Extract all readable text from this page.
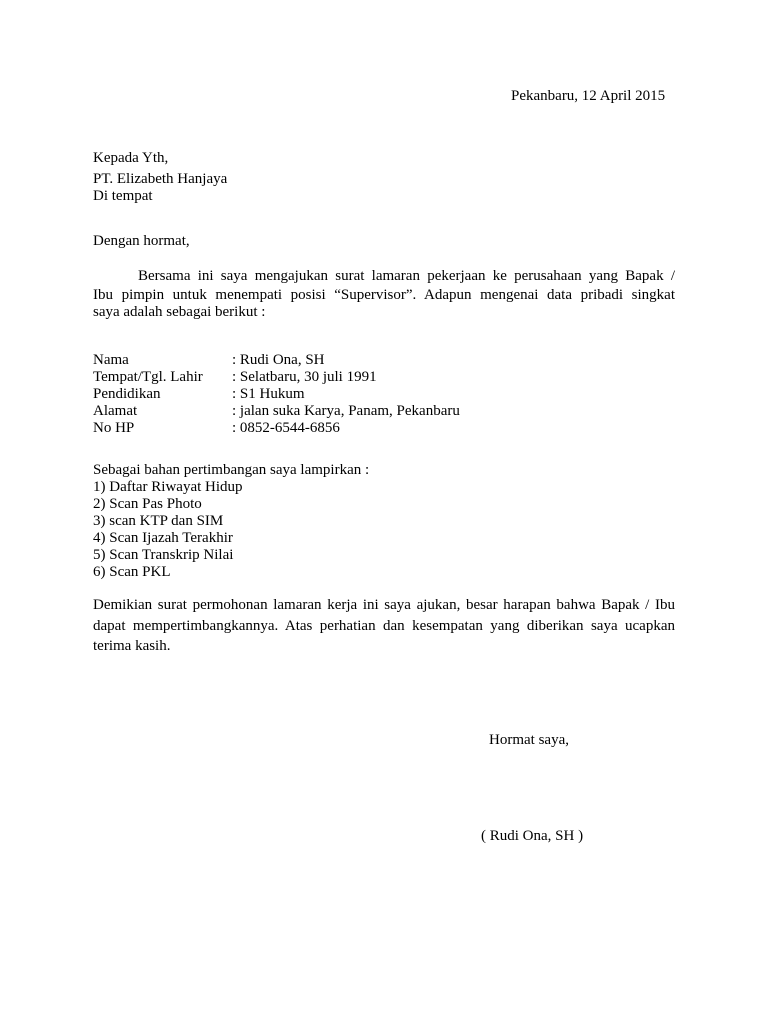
Pekanbaru, 12 April 2015
Kepada Yth,
PT. Elizabeth Hanjaya
Di tempat
Dengan hormat,
Bersama ini saya mengajukan surat lamaran pekerjaan ke perusahaan yang Bapak /
Ibu pimpin untuk menempati posisi “Supervisor”. Adapun mengenai data pribadi singkat
saya adalah sebagai berikut :
Nama	: Rudi Ona, SH
Tempat/Tgl. Lahir	: Selatbaru, 30 juli 1991
Pendidikan	: S1 Hukum
Alamat	: jalan suka Karya, Panam, Pekanbaru
No HP	: 0852-6544-6856
Sebagai bahan pertimbangan saya lampirkan :
1) Daftar Riwayat Hidup
2) Scan Pas Photo
3) scan KTP dan SIM
4) Scan Ijazah Terakhir
5) Scan Transkrip Nilai
6) Scan PKL
Demikian surat permohonan lamaran kerja ini saya ajukan, besar harapan bahwa Bapak / Ibu
dapat mempertimbangkannya. Atas perhatian dan kesempatan yang diberikan saya ucapkan
terima kasih.
Hormat saya,
( Rudi Ona, SH )
